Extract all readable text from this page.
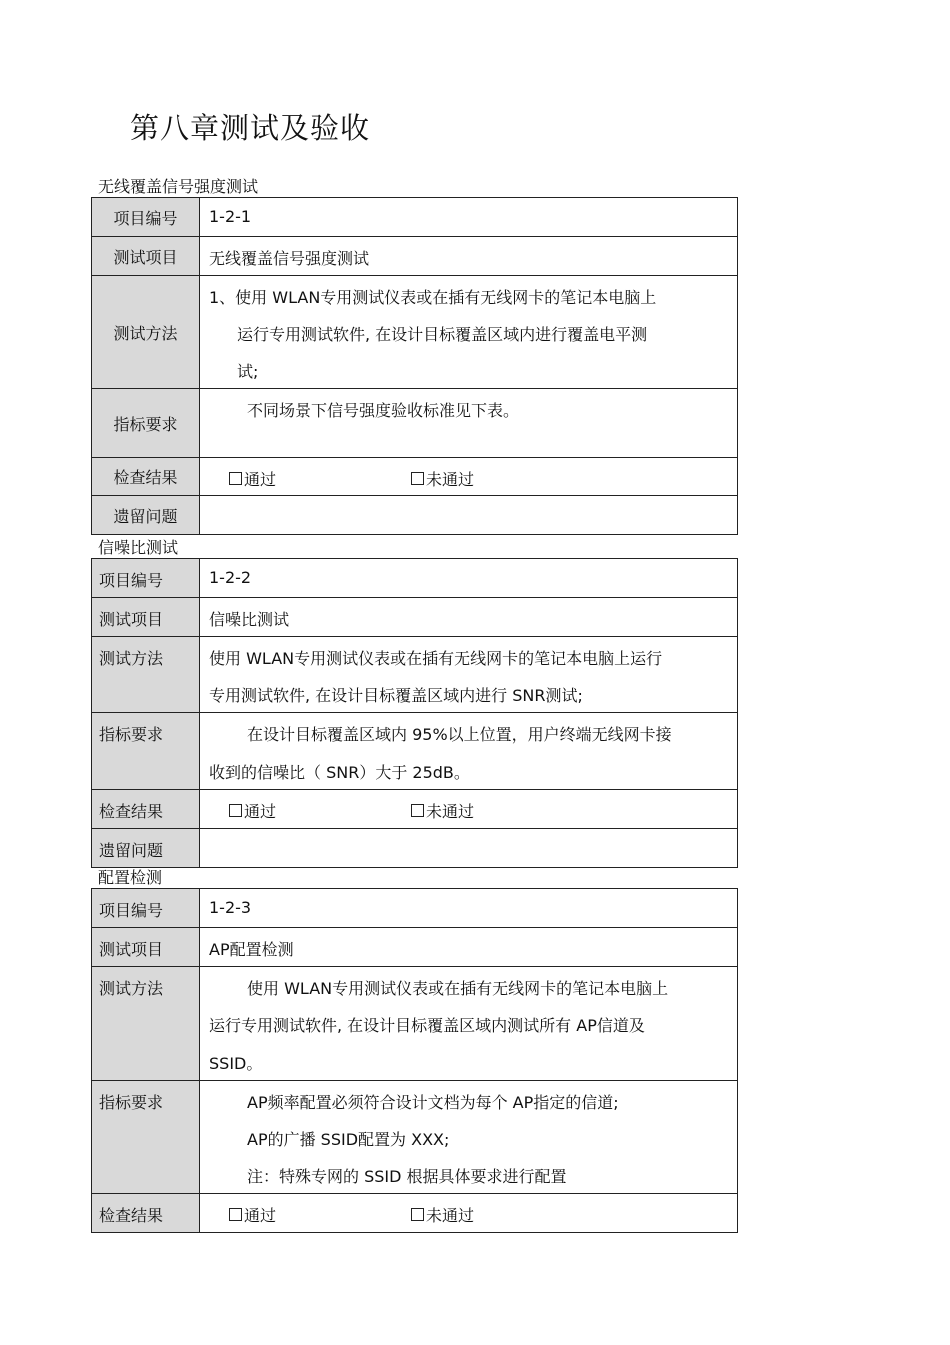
第八章测试及验收
无线覆盖信号强度测试
项目编号	1-2-1

测试项目	无线覆盖信号强度测试

测试方法	1、使用 WLAN专用测试仪表或在插有无线网卡的笔记本电脑上
运行专用测试软件, 在设计目标覆盖区域内进行覆盖电平测
试;

指标要求	不同场景下信号强度验收标准见下表。

检查结果	通过 未通过

遗留问题	

信噪比测试
项目编号	1-2-2

测试项目	信噪比测试

测试方法	使用 WLAN专用测试仪表或在插有无线网卡的笔记本电脑上运行
专用测试软件, 在设计目标覆盖区域内进行 SNR测试;

指标要求	在设计目标覆盖区域内 95%以上位置，用户终端无线网卡接
收到的信噪比（ SNR）大于 25dB。

检查结果	通过 未通过

遗留问题	

配置检测
项目编号	1-2-3

测试项目	AP配置检测

测试方法	使用 WLAN专用测试仪表或在插有无线网卡的笔记本电脑上
运行专用测试软件, 在设计目标覆盖区域内测试所有 AP信道及
SSID。

指标要求	AP频率配置必须符合设计文档为每个 AP指定的信道;
AP的广播 SSID配置为 XXX;
注：特殊专网的 SSID 根据具体要求进行配置

检查结果	通过 未通过
